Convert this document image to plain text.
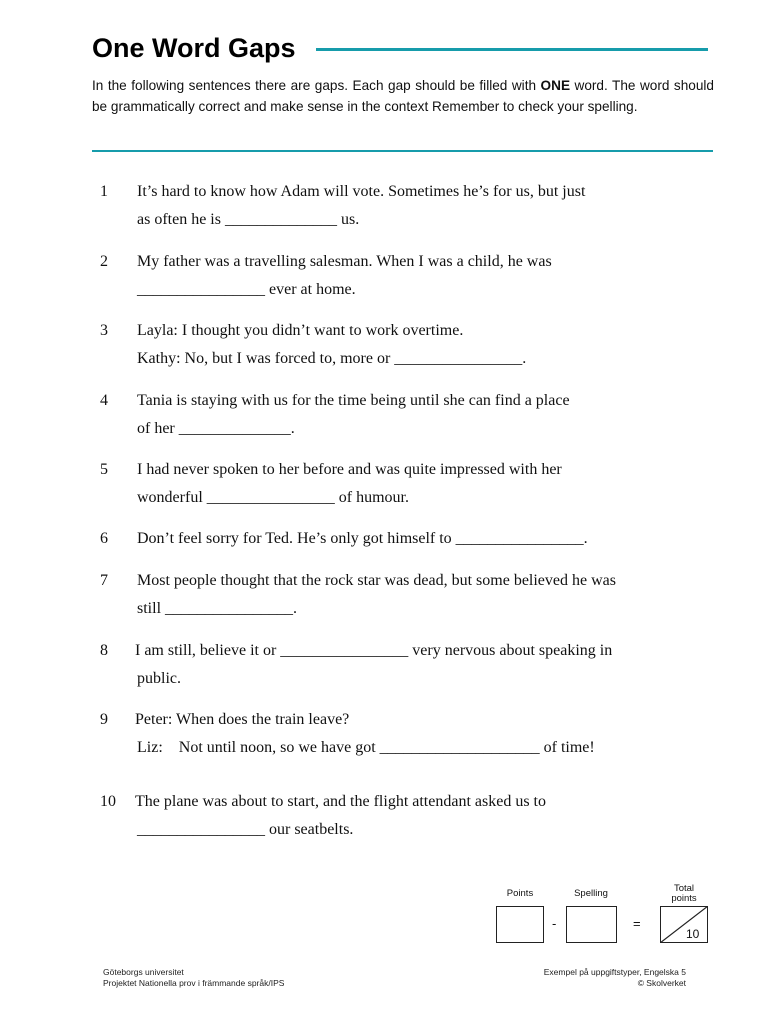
One Word Gaps
In the following sentences there are gaps. Each gap should be filled with ONE word. The word should be grammatically correct and make sense in the context Remember to check your spelling.
1 It’s hard to know how Adam will vote. Sometimes he’s for us, but just
as often he is ______________ us.
2 My father was a travelling salesman. When I was a child, he was
________________ ever at home.
3 Layla: I thought you didn’t want to work overtime.
Kathy: No, but I was forced to, more or ________________.
4 Tania is staying with us for the time being until she can find a place
of her ______________.
5 I had never spoken to her before and was quite impressed with her
wonderful ________________ of humour.
6 Don’t feel sorry for Ted. He’s only got himself to ________________.
7 Most people thought that the rock star was dead, but some believed he was
still ________________.
8 I am still, believe it or ________________ very nervous about speaking in
public.
9 Peter: When does the train leave?
Liz:    Not until noon, so we have got ____________________ of time!
10 The plane was about to start, and the flight attendant asked us to
________________ our seatbelts.
Points	Spelling	Total
points
-	=
10
Göteborgs universitet
Projektet Nationella prov i främmande språk/IPS
Exempel på uppgiftstyper, Engelska 5
© Skolverket
